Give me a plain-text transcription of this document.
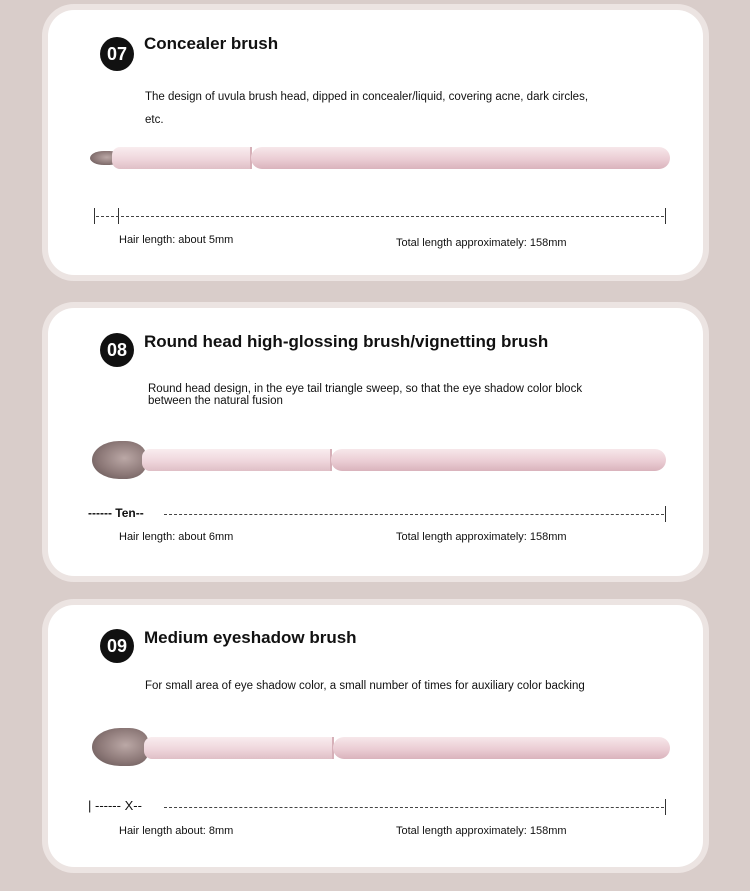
07
Concealer brush
The design of uvula brush head, dipped in concealer/liquid, covering acne, dark circles, etc.
Hair length: about 5mm	Total length approximately: 158mm
08 Round head high-glossing brush/vignetting brush
Round head design, in the eye tail triangle sweep, so that the eye shadow color block between the natural fusion
------ Ten--
Hair length: about 6mm	Total length approximately: 158mm
09 Medium eyeshadow brush
For small area of eye shadow color, a small number of times for auxiliary color backing
| ------ X--
Hair length about: 8mm	Total length approximately: 158mm
